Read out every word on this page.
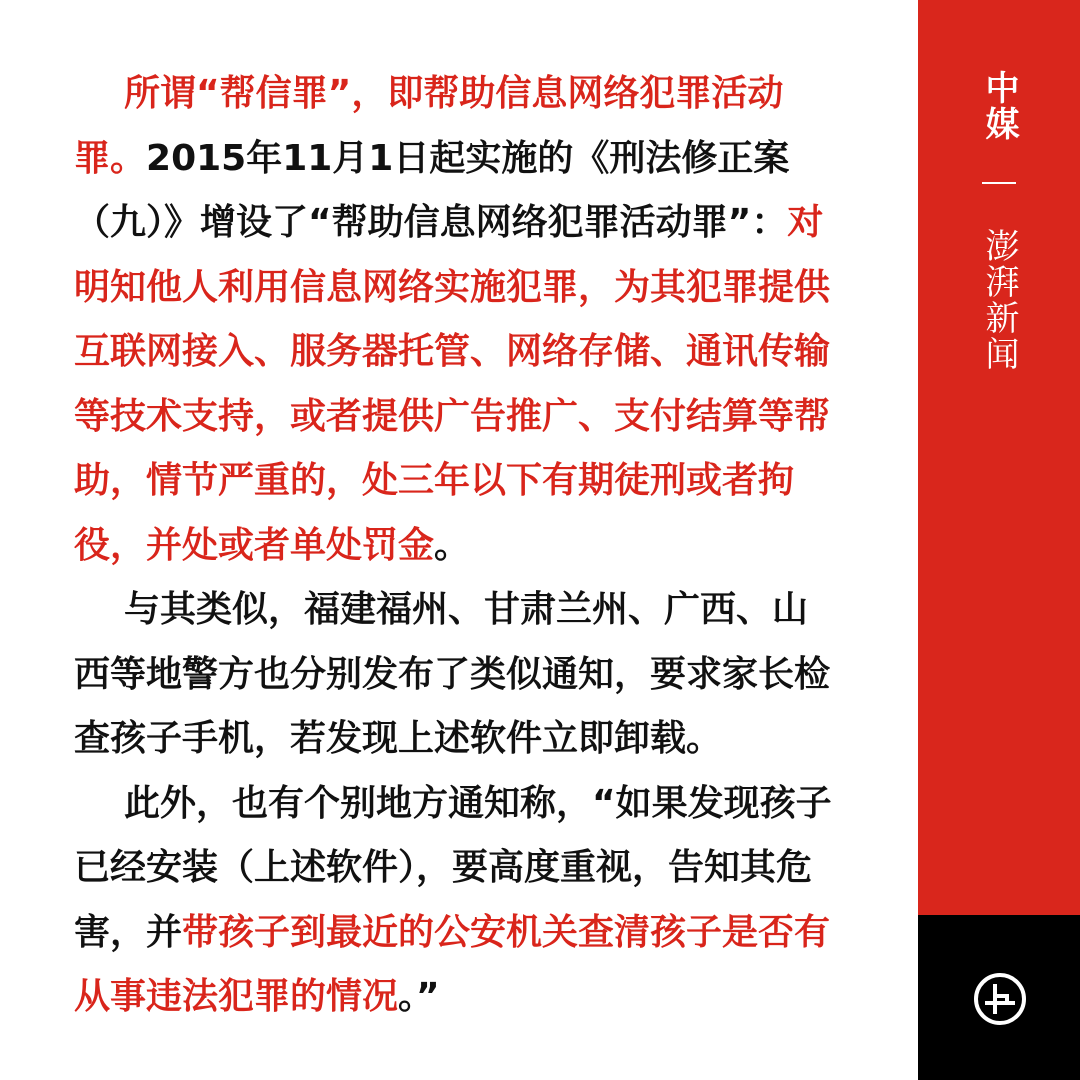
所谓“帮信罪”，即帮助信息网络犯罪活动罪。2015年11月1日起实施的《刑法修正案（九）》增设了“帮助信息网络犯罪活动罪”：对明知他人利用信息网络实施犯罪，为其犯罪提供互联网接入、服务器托管、网络存储、通讯传输等技术支持，或者提供广告推广、支付结算等帮助，情节严重的，处三年以下有期徒刑或者拘役，并处或者单处罚金。

与其类似，福建福州、甘肃兰州、广西、山西等地警方也分别发布了类似通知，要求家长检查孩子手机，若发现上述软件立即卸载。

此外，也有个别地方通知称，“如果发现孩子已经安装（上述软件），要高度重视，告知其危害，并带孩子到最近的公安机关查清孩子是否有从事违法犯罪的情况。”

中媒
澎湃新闻
